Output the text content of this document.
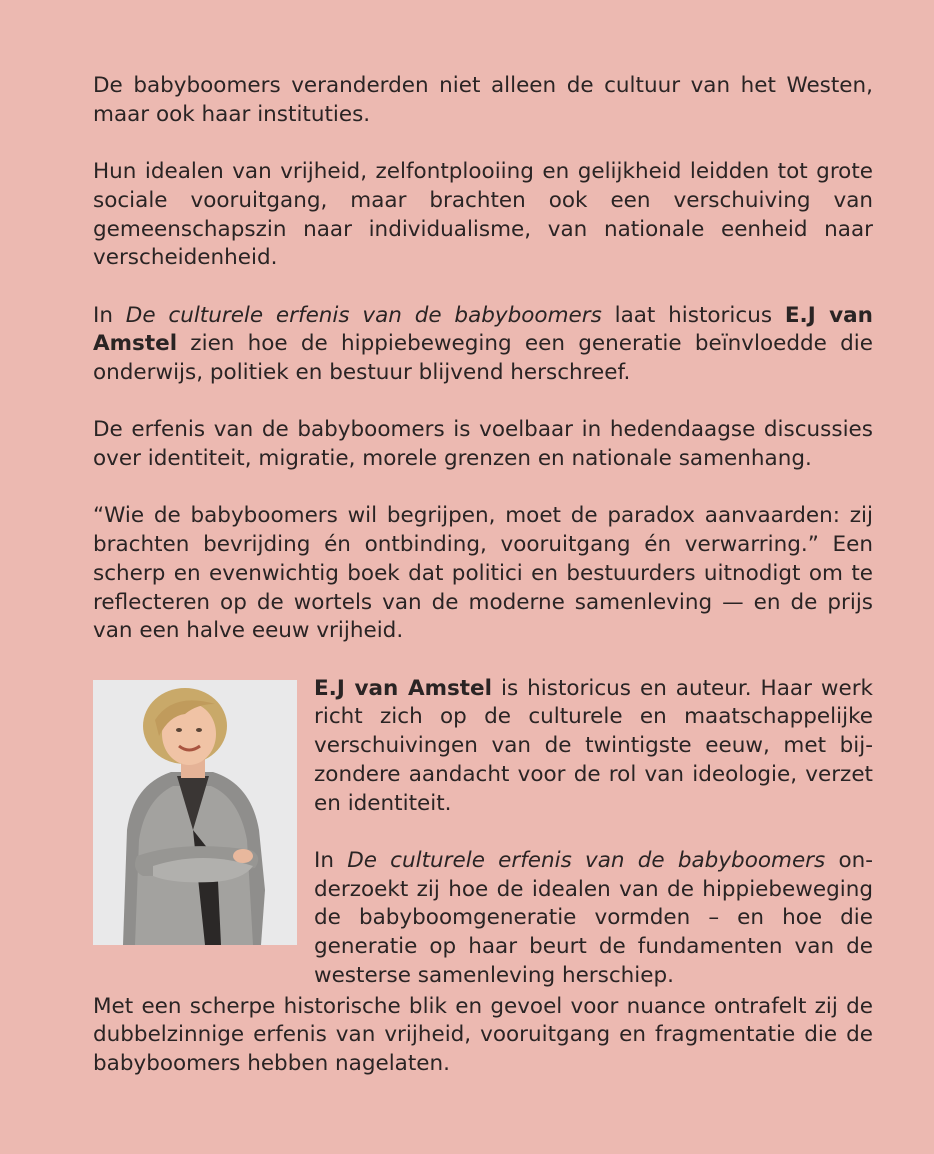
De babyboomers veranderden niet alleen de cultuur van het Westen, maar ook haar instituties.

Hun idealen van vrijheid, zelfontplooiing en gelijkheid leidden tot grote sociale vooruitgang, maar brachten ook een verschuiving van gemeenschapszin naar individualisme, van nationale eenheid naar verscheidenheid.

In De culturele erfenis van de babyboomers laat historicus E.J van Amstel zien hoe de hippiebeweging een generatie beïnvloedde die onderwijs, politiek en bestuur blijvend herschreef.

De erfenis van de babyboomers is voelbaar in hedendaagse discussies over identiteit, migratie, morele grenzen en nationale samenhang.

“Wie de babyboomers wil begrijpen, moet de paradox aanvaarden: zij brachten bevrijding én ontbinding, vooruitgang én verwarring.” Een scherp en evenwichtig boek dat politici en bestuurders uitnodigt om te reflecteren op de wortels van de moderne samenleving — en de prijs van een halve eeuw vrijheid.

E.J van Amstel is historicus en auteur. Haar werk richt zich op de culturele en maatschappelijke verschuivingen van de twintigste eeuw, met bijzondere aandacht voor de rol van ideologie, verzet en identiteit.

In De culturele erfenis van de babyboomers onderzoekt zij hoe de idealen van de hippiebeweging de babyboomgeneratie vormden – en hoe die generatie op haar beurt de fundamenten van de westerse samenleving herschiep.

Met een scherpe historische blik en gevoel voor nuance ontrafelt zij de dubbelzinnige erfenis van vrijheid, vooruitgang en fragmentatie die de babyboomers hebben nagelaten.
